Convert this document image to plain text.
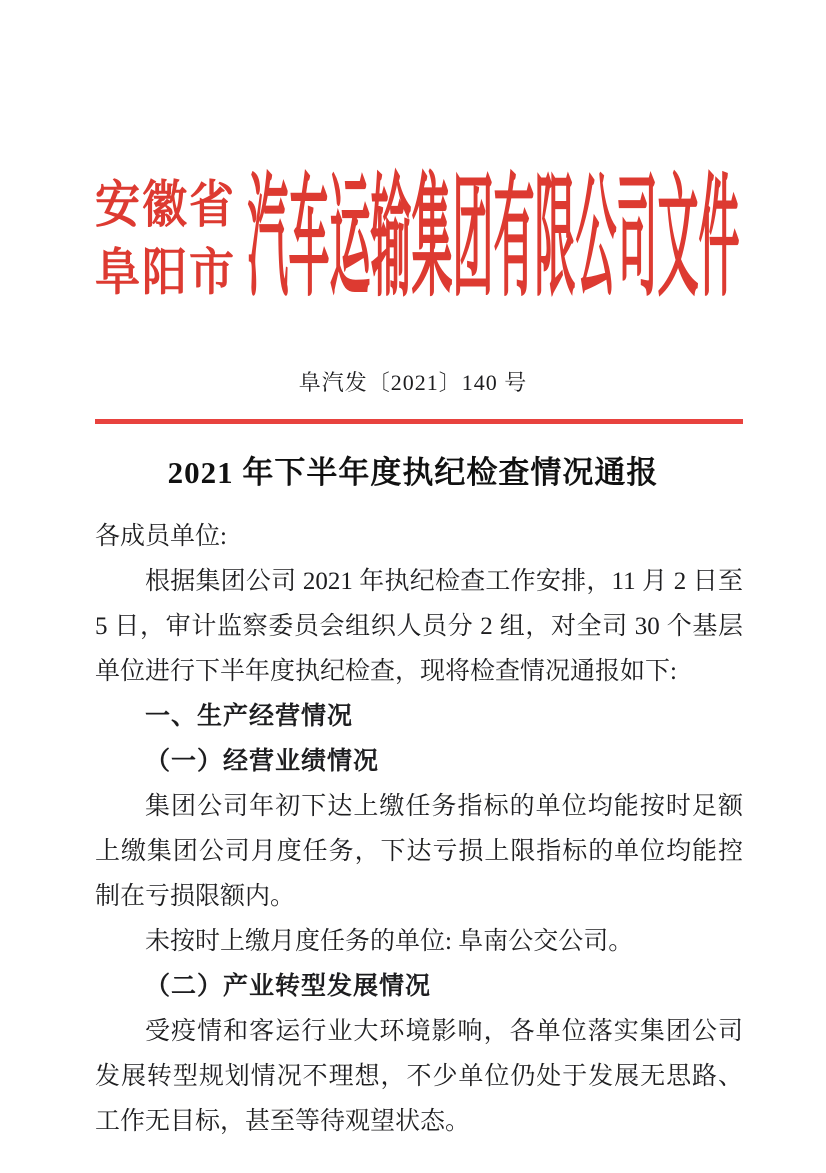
安徽省
阜阳市 汽车运输集团有限公司文件
阜汽发〔2021〕140 号
2021 年下半年度执纪检查情况通报

各成员单位:

根据集团公司 2021 年执纪检查工作安排，11 月 2 日至 5 日，审计监察委员会组织人员分 2 组，对全司 30 个基层单位进行下半年度执纪检查，现将检查情况通报如下:

一、生产经营情况
（一）经营业绩情况

集团公司年初下达上缴任务指标的单位均能按时足额上缴集团公司月度任务，下达亏损上限指标的单位均能控制在亏损限额内。

未按时上缴月度任务的单位: 阜南公交公司。

（二）产业转型发展情况

受疫情和客运行业大环境影响，各单位落实集团公司发展转型规划情况不理想，不少单位仍处于发展无思路、工作无目标，甚至等待观望状态。
